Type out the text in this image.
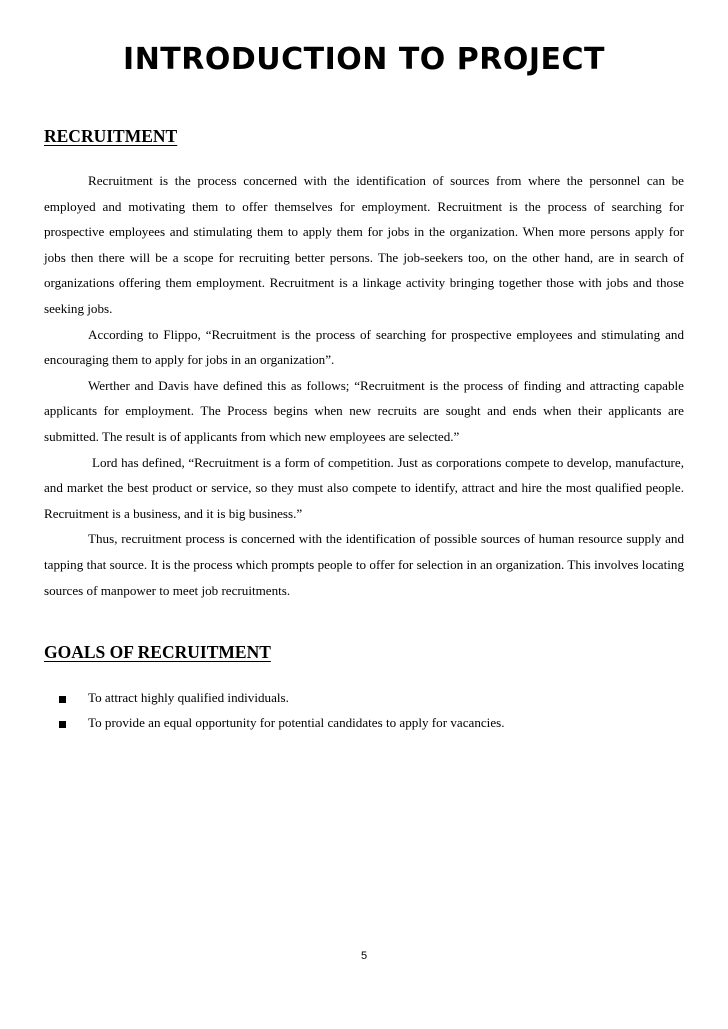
INTRODUCTION TO PROJECT
RECRUITMENT

Recruitment is the process concerned with the identification of sources from where the personnel can be employed and motivating them to offer themselves for employment. Recruitment is the process of searching for prospective employees and stimulating them to apply them for jobs in the organization. When more persons apply for jobs then there will be a scope for recruiting better persons. The job-seekers too, on the other hand, are in search of organizations offering them employment. Recruitment is a linkage activity bringing together those with jobs and those seeking jobs.

According to Flippo, “Recruitment is the process of searching for prospective employees and stimulating and encouraging them to apply for jobs in an organization”.

Werther and Davis have defined this as follows; “Recruitment is the process of finding and attracting capable applicants for employment. The Process begins when new recruits are sought and ends when their applicants are submitted. The result is of applicants from which new employees are selected.”

Lord has defined, “Recruitment is a form of competition. Just as corporations compete to develop, manufacture, and market the best product or service, so they must also compete to identify, attract and hire the most qualified people. Recruitment is a business, and it is big business.”

Thus, recruitment process is concerned with the identification of possible sources of human resource supply and tapping that source. It is the process which prompts people to offer for selection in an organization. This involves locating sources of manpower to meet job recruitments.

GOALS OF RECRUITMENT
To attract highly qualified individuals.
To provide an equal opportunity for potential candidates to apply for vacancies.
5
